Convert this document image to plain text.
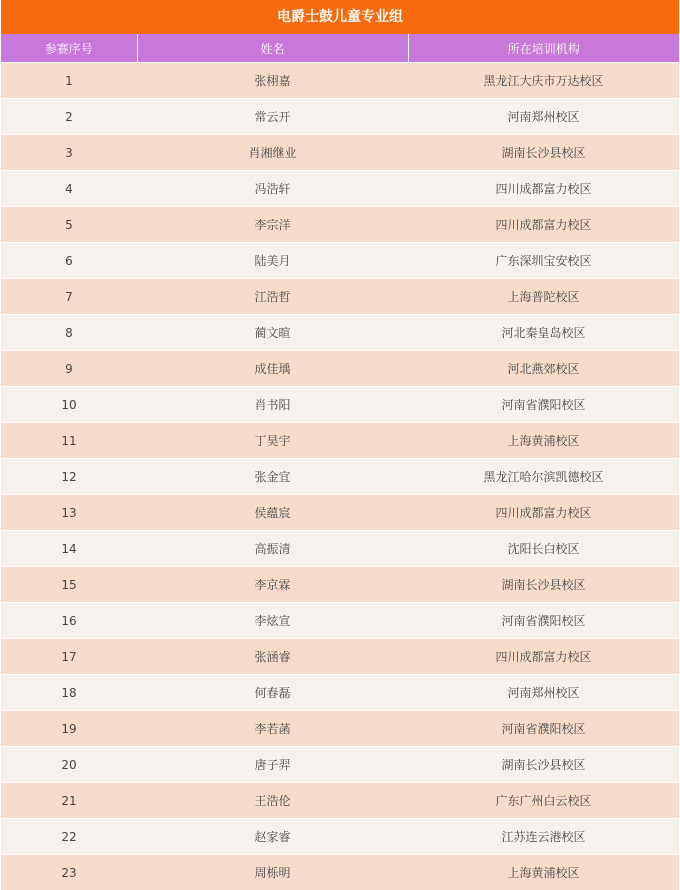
电爵士鼓儿童专业组
参赛序号	姓名	所在培训机构
1	张栩嘉	黑龙江大庆市万达校区
2	常云开	河南郑州校区
3	肖湘继业	湖南长沙县校区
4	冯浩轩	四川成都富力校区
5	李宗洋	四川成都富力校区
6	陆美月	广东深圳宝安校区
7	江浩哲	上海普陀校区
8	蔺文暄	河北秦皇岛校区
9	成佳瑀	河北燕郊校区
10	肖书阳	河南省濮阳校区
11	丁昊宇	上海黄浦校区
12	张金宜	黑龙江哈尔滨凯德校区
13	侯蕴宸	四川成都富力校区
14	高振清	沈阳长白校区
15	李京霖	湖南长沙县校区
16	李炫宣	河南省濮阳校区
17	张涵睿	四川成都富力校区
18	何春磊	河南郑州校区
19	李若菡	河南省濮阳校区
20	唐子羿	湖南长沙县校区
21	王浩伦	广东广州白云校区
22	赵家睿	江苏连云港校区
23	周栎明	上海黄浦校区
